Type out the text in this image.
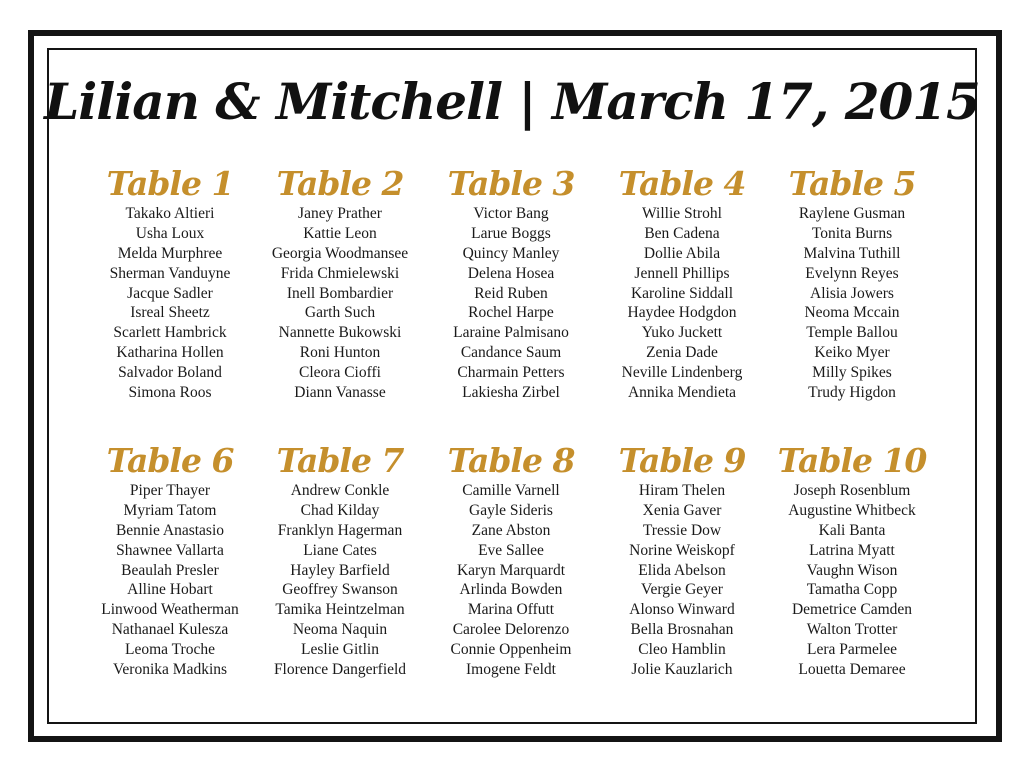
Lilian & Mitchell | March 17, 2015
Table 1
Takako Altieri
Usha Loux
Melda Murphree
Sherman Vanduyne
Jacque Sadler
Isreal Sheetz
Scarlett Hambrick
Katharina Hollen
Salvador Boland
Simona Roos
Table 2
Janey Prather
Kattie Leon
Georgia Woodmansee
Frida Chmielewski
Inell Bombardier
Garth Such
Nannette Bukowski
Roni Hunton
Cleora Cioffi
Diann Vanasse
Table 3
Victor Bang
Larue Boggs
Quincy Manley
Delena Hosea
Reid Ruben
Rochel Harpe
Laraine Palmisano
Candance Saum
Charmain Petters
Lakiesha Zirbel
Table 4
Willie Strohl
Ben Cadena
Dollie Abila
Jennell Phillips
Karoline Siddall
Haydee Hodgdon
Yuko Juckett
Zenia Dade
Neville Lindenberg
Annika Mendieta
Table 5
Raylene Gusman
Tonita Burns
Malvina Tuthill
Evelynn Reyes
Alisia Jowers
Neoma Mccain
Temple Ballou
Keiko Myer
Milly Spikes
Trudy Higdon
Table 6
Piper Thayer
Myriam Tatom
Bennie Anastasio
Shawnee Vallarta
Beaulah Presler
Alline Hobart
Linwood Weatherman
Nathanael Kulesza
Leoma Troche
Veronika Madkins
Table 7
Andrew Conkle
Chad Kilday
Franklyn Hagerman
Liane Cates
Hayley Barfield
Geoffrey Swanson
Tamika Heintzelman
Neoma Naquin
Leslie Gitlin
Florence Dangerfield
Table 8
Camille Varnell
Gayle Sideris
Zane Abston
Eve Sallee
Karyn Marquardt
Arlinda Bowden
Marina Offutt
Carolee Delorenzo
Connie Oppenheim
Imogene Feldt
Table 9
Hiram Thelen
Xenia Gaver
Tressie Dow
Norine Weiskopf
Elida Abelson
Vergie Geyer
Alonso Winward
Bella Brosnahan
Cleo Hamblin
Jolie Kauzlarich
Table 10
Joseph Rosenblum
Augustine Whitbeck
Kali Banta
Latrina Myatt
Vaughn Wison
Tamatha Copp
Demetrice Camden
Walton Trotter
Lera Parmelee
Louetta Demaree
